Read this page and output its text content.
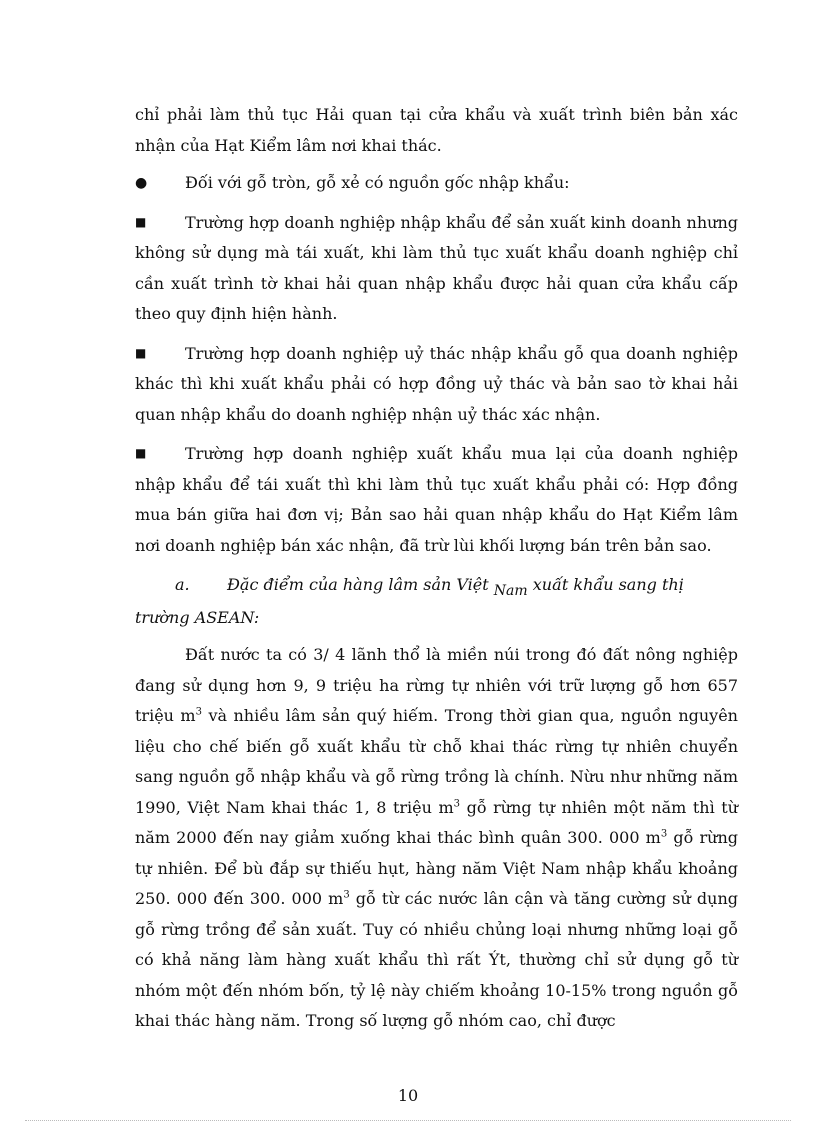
chỉ phải làm thủ tục Hải quan tại cửa khẩu và xuất trình biên bản xác nhận của Hạt Kiểm lâm nơi khai thác.

●	Đối với gỗ tròn, gỗ xẻ có nguồn gốc nhập khẩu:

■ Trường hợp doanh nghiệp nhập khẩu để sản xuất kinh doanh nhưng không sử dụng mà tái xuất, khi làm thủ tục xuất khẩu doanh nghiệp chỉ cần xuất trình tờ khai hải quan nhập khẩu được hải quan cửa khẩu cấp theo quy định hiện hành.

■ Trường hợp doanh nghiệp uỷ thác nhập khẩu gỗ qua doanh nghiệp khác thì khi xuất khẩu phải có hợp đồng uỷ thác và bản sao tờ khai hải quan nhập khẩu do doanh nghiệp nhận uỷ thác xác nhận.

■ Trường hợp doanh nghiệp xuất khẩu mua lại của doanh nghiệp nhập khẩu để tái xuất thì khi làm thủ tục xuất khẩu phải có: Hợp đồng mua bán giữa hai đơn vị; Bản sao hải quan nhập khẩu do Hạt Kiểm lâm nơi doanh nghiệp bán xác nhận, đã trừ lùi khối lượng bán trên bản sao.

a. Đặc điểm của hàng lâm sản Việt Nam xuất khẩu sang thị trường ASEAN:

Đất nước ta có 3/ 4 lãnh thổ là miền núi trong đó đất nông nghiệp đang sử dụng hơn 9, 9 triệu ha rừng tự nhiên với trữ lượng gỗ hơn 657 triệu $m^3$ và nhiều lâm sản quý hiếm. Trong thời gian qua, nguồn nguyên liệu cho chế biến gỗ xuất khẩu từ chỗ khai thác rừng tự nhiên chuyển sang nguồn gỗ nhập khẩu và gỗ rừng trồng là chính. Nừu như những năm 1990, Việt Nam khai thác 1, 8 triệu $m^3$ gỗ rừng tự nhiên một năm thì từ năm 2000 đến nay giảm xuống khai thác bình quân 300. 000 $m^3$ gỗ rừng tự nhiên. Để bù đắp sự thiếu hụt, hàng năm Việt Nam nhập khẩu khoảng 250. 000 đến 300. 000 $m^3$ gỗ từ các nước lân cận và tăng cường sử dụng gỗ rừng trồng để sản xuất. Tuy có nhiều chủng loại nhưng những loại gỗ có khả năng làm hàng xuất khẩu thì rất Ýt, thường chỉ sử dụng gỗ từ nhóm một đến nhóm bốn, tỷ lệ này chiếm khoảng 10-15% trong nguồn gỗ khai thác hàng năm. Trong số lượng gỗ nhóm cao, chỉ được

10
